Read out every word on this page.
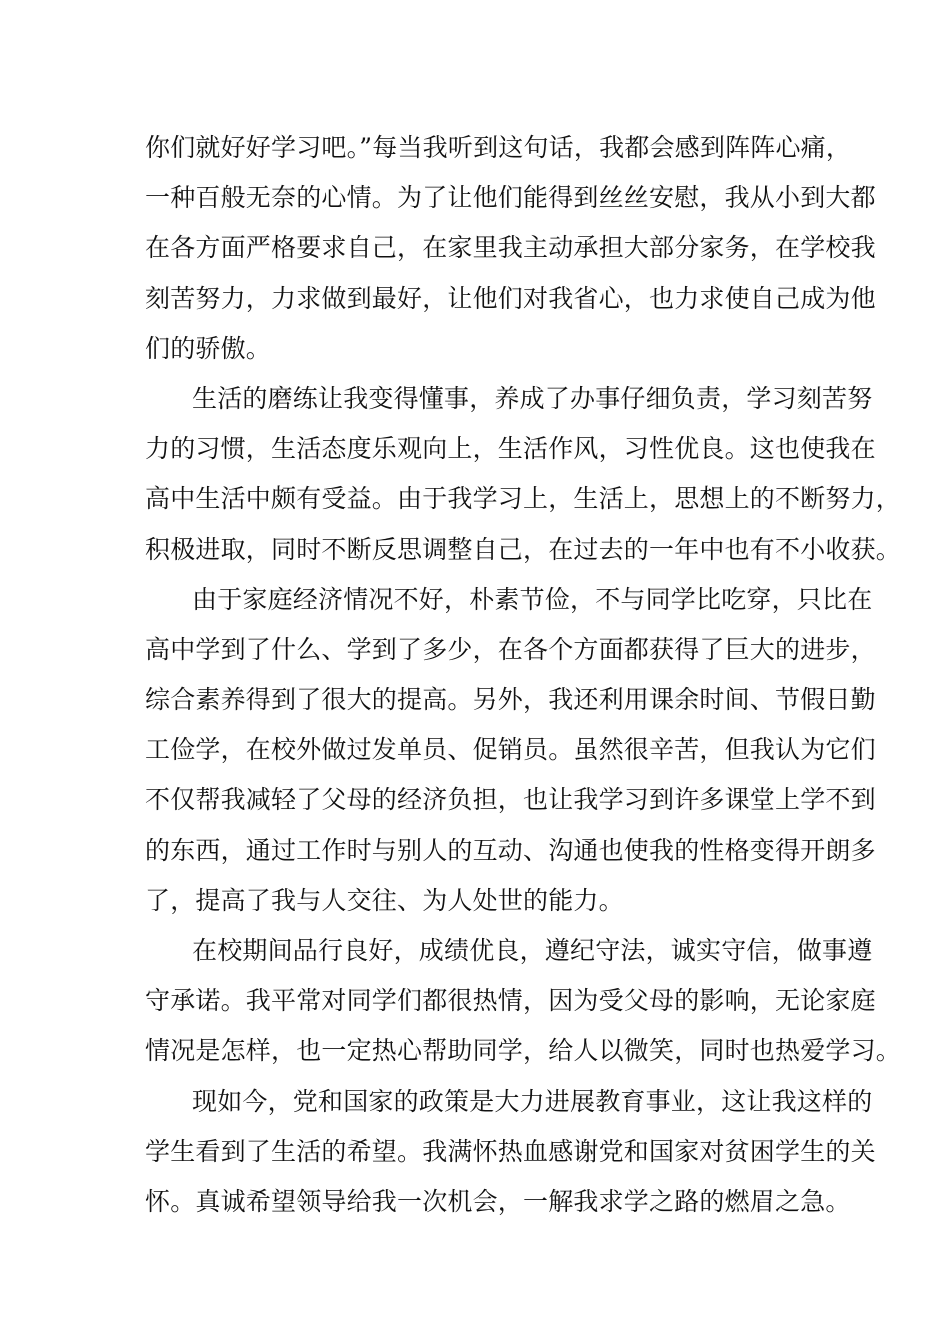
你们就好好学习吧。”每当我听到这句话，我都会感到阵阵心痛，
一种百般无奈的心情。为了让他们能得到丝丝安慰，我从小到大都
在各方面严格要求自己，在家里我主动承担大部分家务，在学校我
刻苦努力，力求做到最好，让他们对我省心，也力求使自己成为他
们的骄傲。
生活的磨练让我变得懂事，养成了办事仔细负责，学习刻苦努
力的习惯，生活态度乐观向上，生活作风，习性优良。这也使我在
高中生活中颇有受益。由于我学习上，生活上，思想上的不断努力，
积极进取，同时不断反思调整自己，在过去的一年中也有不小收获。
由于家庭经济情况不好，朴素节俭，不与同学比吃穿，只比在
高中学到了什么、学到了多少，在各个方面都获得了巨大的进步，
综合素养得到了很大的提高。另外，我还利用课余时间、节假日勤
工俭学，在校外做过发单员、促销员。虽然很辛苦，但我认为它们
不仅帮我减轻了父母的经济负担，也让我学习到许多课堂上学不到
的东西，通过工作时与别人的互动、沟通也使我的性格变得开朗多
了，提高了我与人交往、为人处世的能力。
在校期间品行良好，成绩优良，遵纪守法，诚实守信，做事遵
守承诺。我平常对同学们都很热情，因为受父母的影响，无论家庭
情况是怎样，也一定热心帮助同学，给人以微笑，同时也热爱学习。
现如今，党和国家的政策是大力进展教育事业，这让我这样的
学生看到了生活的希望。我满怀热血感谢党和国家对贫困学生的关
怀。真诚希望领导给我一次机会，一解我求学之路的燃眉之急。
